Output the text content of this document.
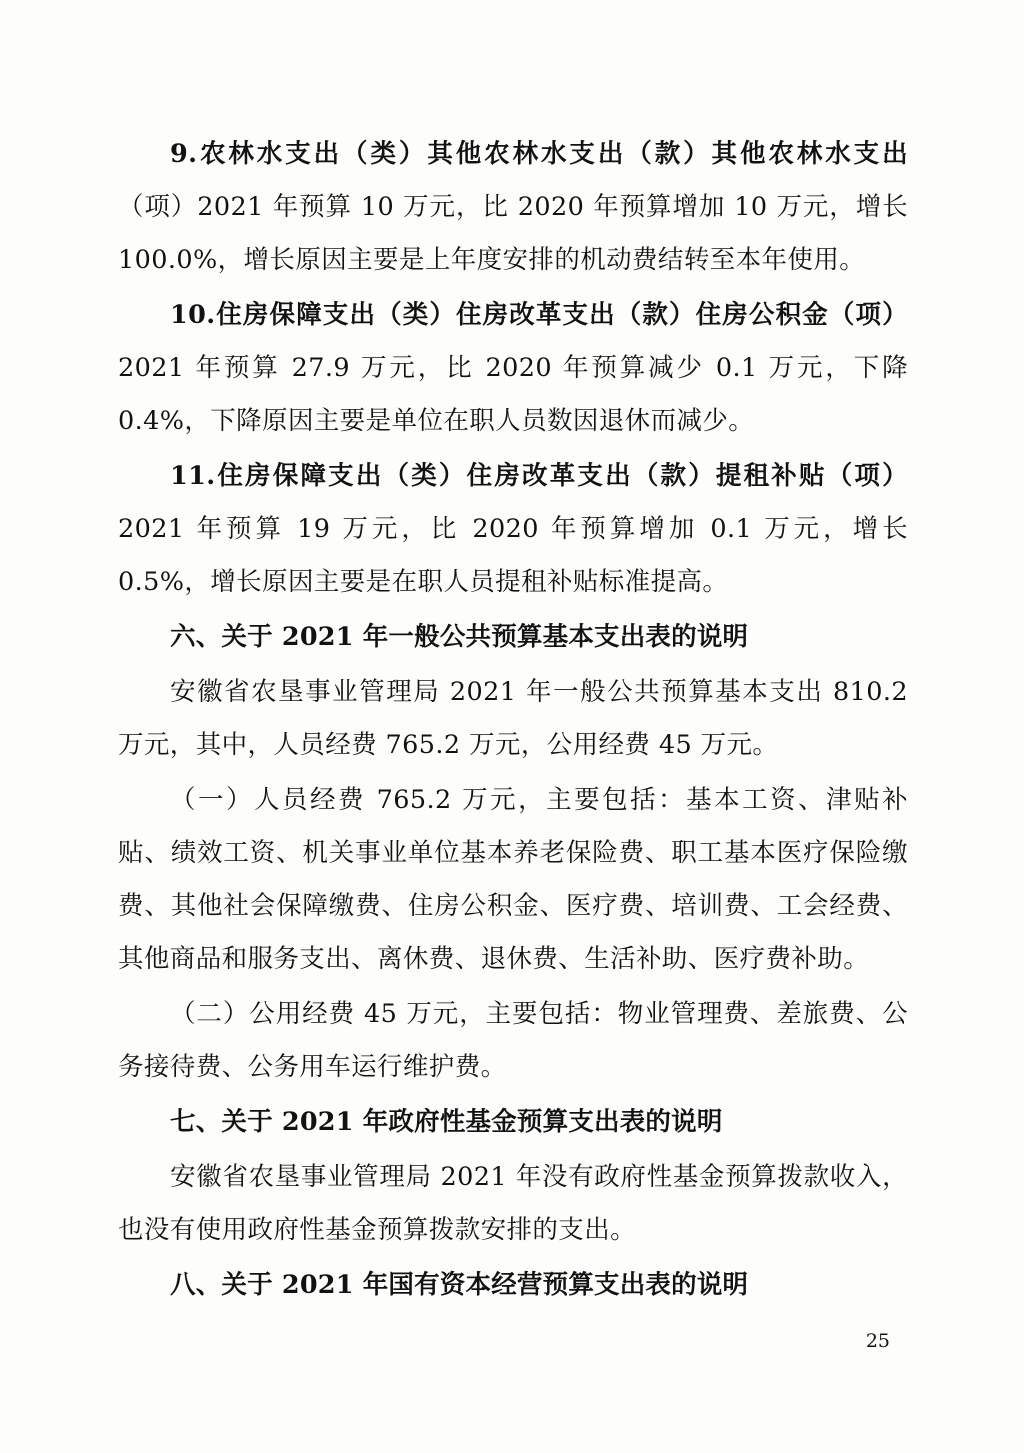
9.农林水支出（类）其他农林水支出（款）其他农林水支出（项）2021 年预算 10 万元，比 2020 年预算增加 10 万元，增长 100.0%，增长原因主要是上年度安排的机动费结转至本年使用。

10.住房保障支出（类）住房改革支出（款）住房公积金（项）2021 年预算 27.9 万元，比 2020 年预算减少 0.1 万元，下降 0.4%，下降原因主要是单位在职人员数因退休而减少。

11.住房保障支出（类）住房改革支出（款）提租补贴（项）2021 年预算 19 万元，比 2020 年预算增加 0.1 万元，增长 0.5%，增长原因主要是在职人员提租补贴标准提高。

六、关于 2021 年一般公共预算基本支出表的说明

安徽省农垦事业管理局 2021 年一般公共预算基本支出 810.2 万元，其中，人员经费 765.2 万元，公用经费 45 万元。

（一）人员经费 765.2 万元，主要包括：基本工资、津贴补贴、绩效工资、机关事业单位基本养老保险费、职工基本医疗保险缴费、其他社会保障缴费、住房公积金、医疗费、培训费、工会经费、其他商品和服务支出、离休费、退休费、生活补助、医疗费补助。

（二）公用经费 45 万元，主要包括：物业管理费、差旅费、公务接待费、公务用车运行维护费。

七、关于 2021 年政府性基金预算支出表的说明

安徽省农垦事业管理局 2021 年没有政府性基金预算拨款收入，也没有使用政府性基金预算拨款安排的支出。

八、关于 2021 年国有资本经营预算支出表的说明

25
